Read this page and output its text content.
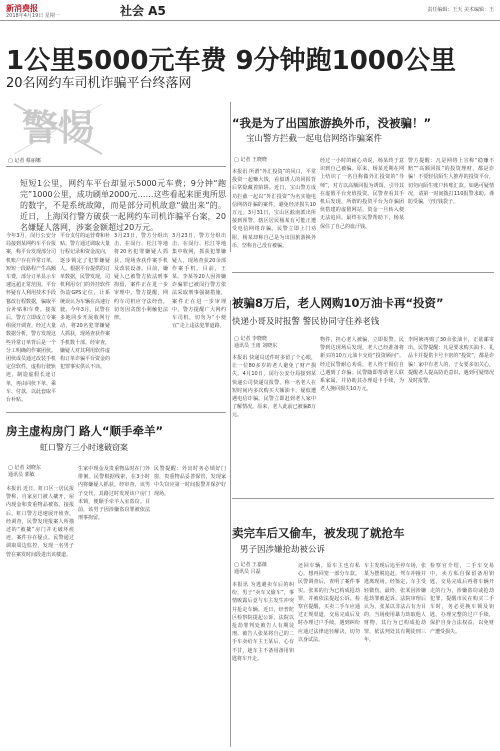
新消费报
2018年4月19日 星期一	社会 A5	责任编辑：王天 美术编辑：王
1公里5000元车费 9分钟跑1000公里
20名网约车司机诈骗平台终落网
警惕
▢ 记者 蔡丽娜
短短1公里，网约车平台却显示5000元车费；9分钟“跑完”1000公里，成功刷单2000元……这些看起来匪夷所思的数字，不是系统故障，而是部分司机故意“做出来”的。近日，上海闵行警方破获一起网约车司机诈骗平台案，20名嫌疑人落网，涉案金额超过20万元。
今年3月，闵行公安分局接到某网约车平台报案，称平台发现部分司机账户存在异常订单，短短一段路程产生高额车费，部分订单显示车速远超正常范围。平台怀疑有人利用技术手段篡改行程数据，骗取平台补贴和车费。接报后，警方立即成立专案组展开调查。经过大量数据分析，警方发现这些异常订单背后是一个分工明确的作案团伙。团伙成员通过改装手机定位软件，虚构行驶轨迹，制造虚假长途订单，再由同伙下单、乘车、付款，以此套取平台补贴。
平台支付的运营费和补贴。警方通过调取大量行程记录和资金流向，逐步锁定了犯罪嫌疑人。根据平台提供的订单数据，民警发现，司机利用专门的外挂软件伪造GPS定位，让系统误认为车辆在高速行驶。今年3月，民警在多地同步开展收网行动，将20名犯罪嫌疑人抓获，现场查获作案手机数十部。经审查，嫌疑人对其利用软件虚构订单诈骗平台资金的犯罪事实供认不讳。
3月23日，警方分组出击，在闵行、松江等地将20名犯罪嫌疑人抓获，现场查获作案手机及改装设备。目前，嫌疑人已被警方依法刑事拘留，案件正在进一步审理中。警方提醒，网约车司机应守法经营，切勿因贪图小利触犯法律。
3月23日，警方分组出击，在闵行、松江等地集中收网，抓获犯罪嫌疑人，现场查获20余部作案手机。目前，王某、李某等20人因涉嫌诈骗罪已被闵行警方依法采取刑事强制措施，案件正在进一步审理中。警方提醒广大网约车司机，切勿为“小便宜”走上违法犯罪道路。
“我是为了出国旅游换外币，没被骗！”
宝山警方拦截一起电信网络诈骗案件
▢ 记者 王晓晓
本报讯 所谓“外汇投资”的风口，平常投资一起赚大钱，看似诱人的回报背后常隐藏着陷阱。近日，宝山警方成功拦截一起以“外汇投资”为名实施电信网络诈骗的案件，避免经济损失10万元。3月31日，宝山区淞南派出所接到预警，辖区居民杨某有可能正遭受电信网络诈骗。民警立即上门劝阻，杨某却称自己是为出国旅游换外币，坚称自己没有被骗。
经过一小时的耐心劝说，杨某终于意识到自己被骗。原来，杨某近期在网上结识了一名自称做外汇投资的“导师”，对方以高额回报为诱饵，引导其在虚假平台充值投资。民警查看其手机后发现，所谓的投资平台为诈骗团伙搭建的虚假网站，资金一旦转入便无法追回。最终在民警帮助下，杨某保住了自己的血汗钱。
警方提醒：凡是网络上宣称“稳赚不赔”“高额回报”的投资理财，都是诈骗！不要轻信陌生人推荐的投资平台，切勿向陌生账户转账汇款。如遇可疑情况，请第一时间拨打110报警求助。谨防受骗，守好钱袋子。
被骗8万后，老人网购10万油卡再“投资”
快递小哥及时报警 警民协同守住养老钱
▢ 记者 李晓晓
通讯员 王雨 刘晓东
本报讯 快递员送件时多留了个心眼，让一位80多岁的老人避免了财产损失。4月10日，闵行公安分局接到某快递公司快递员报警，称一名老人在短时间内多次购买大额油卡，疑似遭遇电信诈骗。民警立即赶到老人家中了解情况。原来，老人此前已被骗8万元。
物件，担心老人被骗，立即报警。民警到达现场后发现，老人已经准备将新买的10万元油卡交给“投资顾问”。经过民警耐心劝说，老人终于相信自己遇到了诈骗。民警随即帮助老人联系家属，并协助其办理退卡手续，为老人挽回损失10万元。
李阿姨再购了30余张油卡，正欲邮寄出。民警提醒：凡是要求购买油卡、礼品卡并提供卡号卡密的“投资”，都是诈骗！家中有老人的，子女要多加关心，提醒老人提高防范意识，遇到可疑情况及时报警。
房主虚构房门 路人“顺手牵羊”
虹口警方三小时速破窃案
▢ 记者 刘晓东
通讯员 郭敏
本报讯 近日，虹口区一居民报警称，自家房门被人撬开，屋内现金和贵重物品被盗。接报后，虹口警方迅速展开侦查。经调查，民警发现报案人所描述的“被撬”房门并无破坏痕迹，案件存在疑点。民警通过调取周边监控，发现一名男子曾在案发时间段进出该楼道。
生家中现金及贵重物品时在门外徘徊。民警根据线索，在3小时内将嫌疑人抓获。经审查，该男子交代，其路过时发现该户房门未锁，便顺手牵羊入室盗窃。目前，该男子因涉嫌盗窃罪被依法刑事拘留。
民警提醒：外出时务必锁好门窗，贵重物品妥善保管，发现家中失窃应第一时间报警并保护好现场。
卖完车后又偷车，被发现了就抢车
男子因涉嫌抢劫被公诉
▢ 记者 王嘉薇
通讯员 吕磊
本报讯 为逃避卖车后的纠纷，男子“卖车又偷车”，事情败露后竟与车主发生冲突并抢走车辆。近日，经普陀区检察院提起公诉，法院以抢劫罪判处被告人有期徒刑。被告人张某将自己的二手车卖给车主王某后，心有不甘，趁车主不备用备用钥匙将车开走。
还回车辆。原车主也有私心，想再回笼一部分车款。民警调查后，查明了案件事实。张某的行为已构成抢劫罪，并被依法提起公诉。检察官提醒，买卖二手车应通过正规渠道，交易完成后及时办理过户手续，遇到纠纷应通过法律途径解决，切勿以身试法。
车主发现后追至停车场，张某为摆脱追赶，驾车冲撞并逃离现场。经鉴定，车主受轻微伤。最终，张某因涉嫌抢劫罪被起诉。法院审理后认为，张某以非法占有为目的，当场使用暴力劫取他人财物，其行为已构成抢劫罪，依法判处其有期徒刑三年。
检察官介绍，二手车交易中，卖方私自保留备用钥匙，交易完成后再将车辆开走的行为，涉嫌盗窃或抢劫犯罪。提醒市民在购买二手车时，务必更换车锁及钥匙，办理完整的过户手续，保护自身合法权益，以免财产遭受损失。
